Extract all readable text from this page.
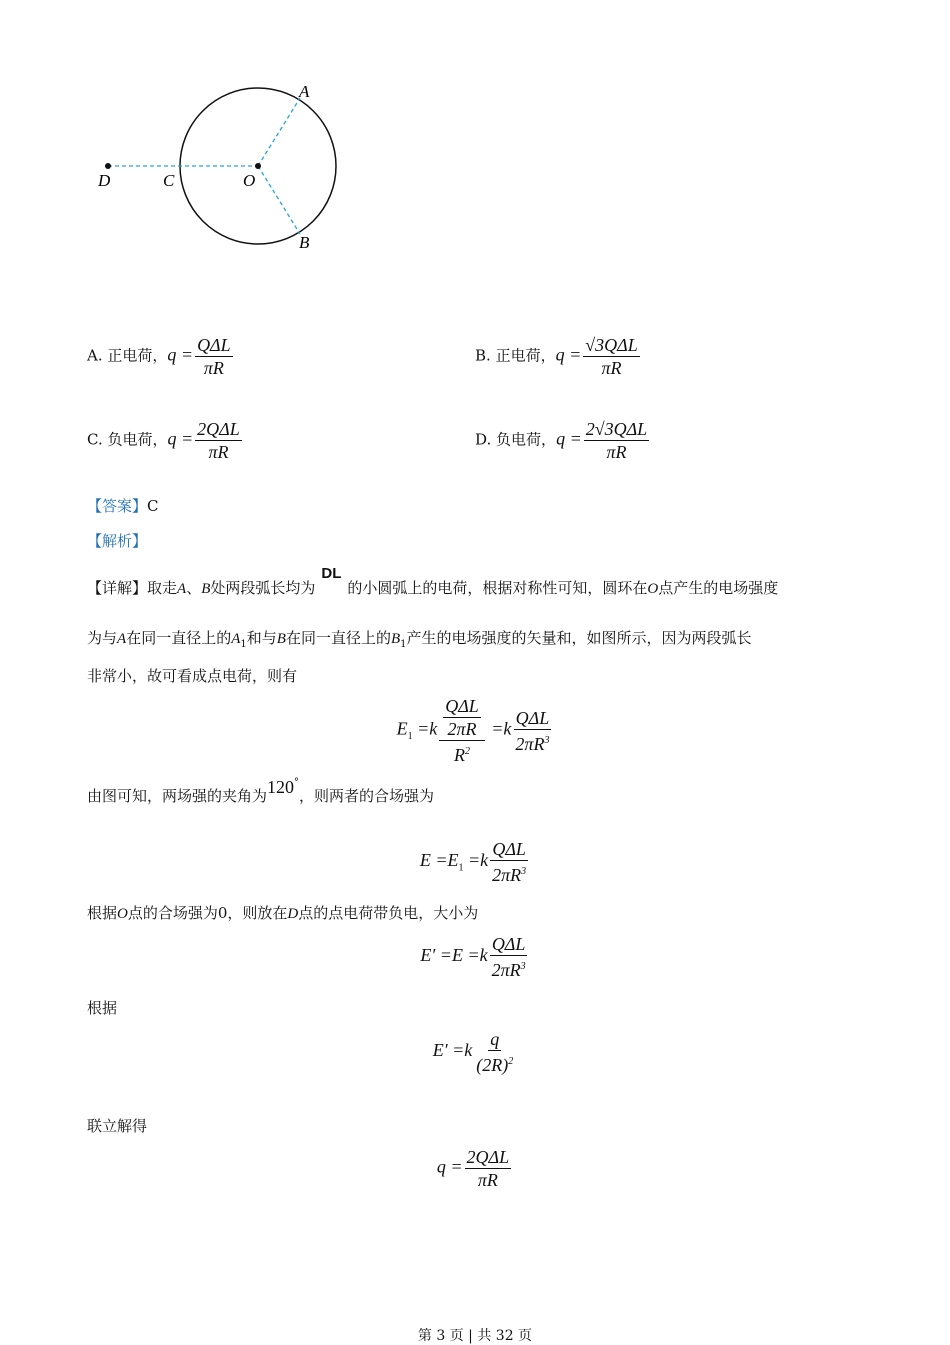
A
B
C
D	O
A. 正电荷，$q = \frac{\text{QΔL}}{\pi R}$	B. 正电荷，$q = \frac{\text{√3QΔL}}{\pi R}$
C. 负电荷，$q = \frac{\text{2QΔL}}{\pi R}$	D. 负电荷，$q = \frac{\text{2√3QΔL}}{\pi R}$
【答案】C
【解析】
【详解】取走A、B处两段弧长均为DL的小圆弧上的电荷，根据对称性可知，圆环在O点产生的电场强度
为与A在同一直径上的$A_1$和与B在同一直径上的$B_1$产生的电场强度的矢量和，如图所示，因为两段弧长
非常小，故可看成点电荷，则有
$E_1 =k \frac{\frac{\text{QΔL}}{2\pi R}}{R^2} =k \frac{\text{QΔL}}{2\pi R^3}$
由图可知，两场强的夹角为120°，则两者的合场强为
$E =E_1 =k \frac{\text{QΔL}}{2\pi R^3}$
根据O点的合场强为0，则放在D点的点电荷带负电，大小为
$E' =E =k \frac{\text{QΔL}}{2\pi R^3}$
根据
$E' =k \frac{q}{(2R)^2}$
联立解得
$q = \frac{\text{2QΔL}}{\pi R}$
第 3 页 | 共 32 页
